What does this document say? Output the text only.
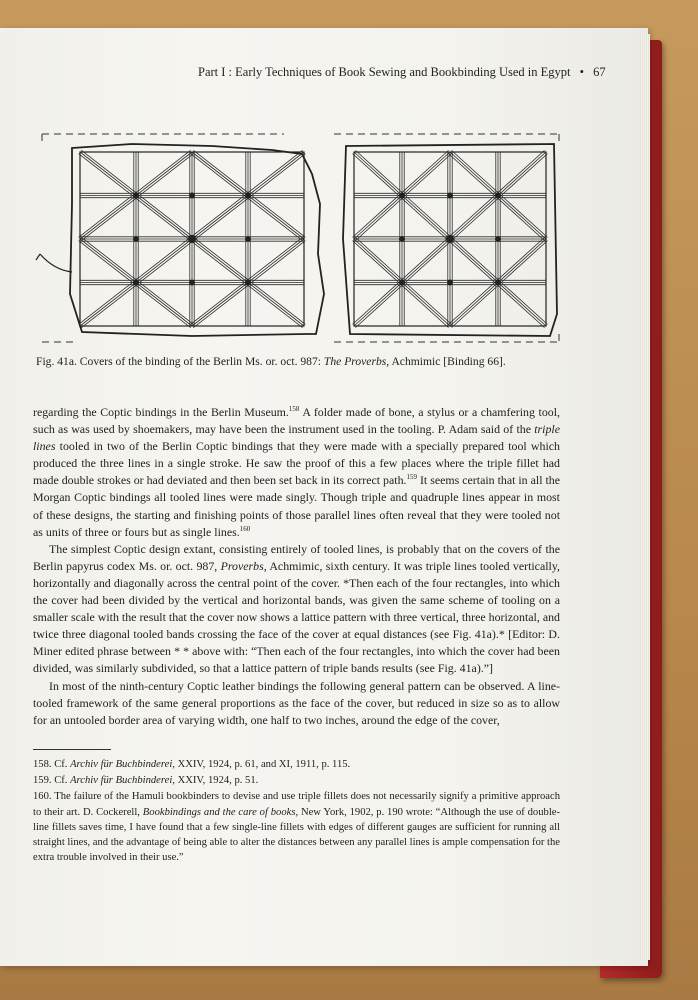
Part I : Early Techniques of Book Sewing and Bookbinding Used in Egypt • 67
Fig. 41a. Covers of the binding of the Berlin Ms. or. oct. 987: The Proverbs, Achmimic [Binding 66].

regarding the Coptic bindings in the Berlin Museum.$^{158}$ A folder made of bone, a stylus or a chamfering tool, such as was used by shoemakers, may have been the instrument used in the tooling. P. Adam said of the triple lines tooled in two of the Berlin Coptic bindings that they were made with a specially prepared tool which produced the three lines in a single stroke. He saw the proof of this a few places where the triple fillet had made double strokes or had deviated and then been set back in its correct path.$^{159}$ It seems certain that in all the Morgan Coptic bindings all tooled lines were made singly. Though triple and quadruple lines appear in most of these designs, the starting and finishing points of those parallel lines often reveal that they were tooled not as units of three or fours but as single lines.$^{160}$

The simplest Coptic design extant, consisting entirely of tooled lines, is probably that on the covers of the Berlin papyrus codex Ms. or. oct. 987, Proverbs, Achmimic, sixth century. It was triple lines tooled vertically, horizontally and diagonally across the central point of the cover. *Then each of the four rectangles, into which the cover had been divided by the vertical and horizontal bands, was given the same scheme of tooling on a smaller scale with the result that the cover now shows a lattice pattern with three vertical, three horizontal, and twice three diagonal tooled bands crossing the face of the cover at equal distances (see Fig. 41a).* [Editor: D. Miner edited phrase between * * above with: “Then each of the four rectangles, into which the cover had been divided, was similarly subdivided, so that a lattice pattern of triple bands results (see Fig. 41a).”]

In most of the ninth-century Coptic leather bindings the following general pattern can be observed. A line-tooled framework of the same general proportions as the face of the cover, but reduced in size so as to allow for an untooled border area of varying width, one half to two inches, around the edge of the cover,

158. Cf. Archiv für Buchbinderei, XXIV, 1924, p. 61, and XI, 1911, p. 115.

159. Cf. Archiv für Buchbinderei, XXIV, 1924, p. 51.

160. The failure of the Hamuli bookbinders to devise and use triple fillets does not necessarily signify a primitive approach to their art. D. Cockerell, Bookbindings and the care of books, New York, 1902, p. 190 wrote: “Although the use of double-line fillets saves time, I have found that a few single-line fillets with edges of different gauges are sufficient for running all straight lines, and the advantage of being able to alter the distances between any parallel lines is ample compensation for the extra trouble involved in their use.”
